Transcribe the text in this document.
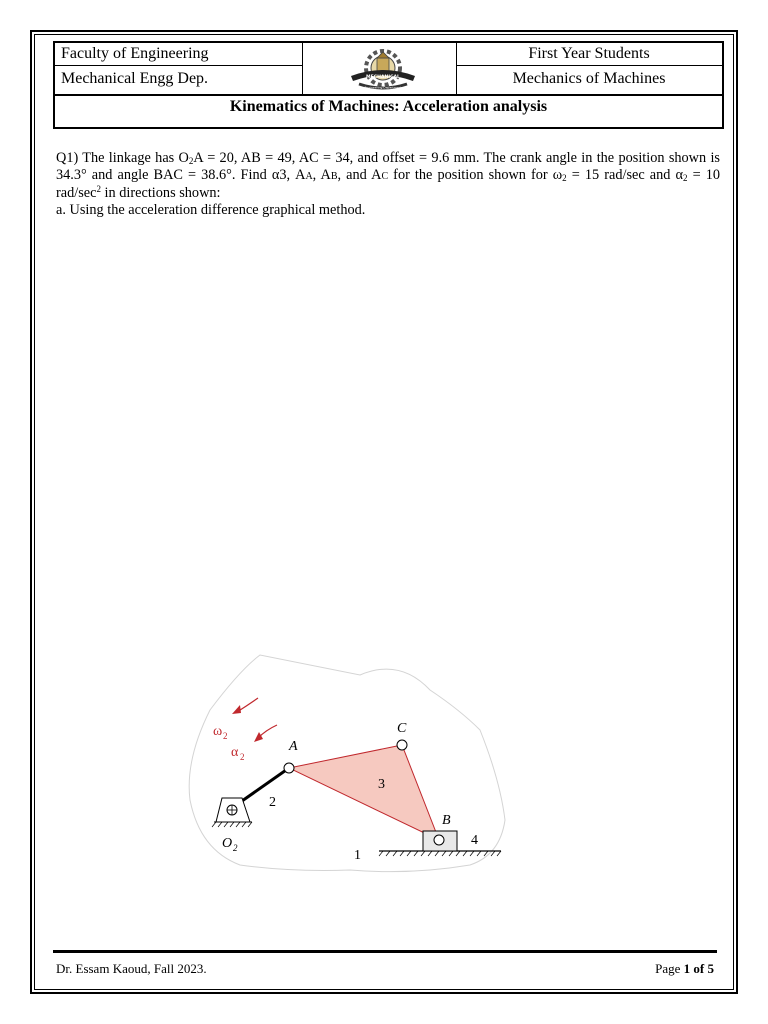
Faculty of Engineering
Mechanical Engg Dep.
First Year Students
Mechanics of Machines
MECHANICAL
Engineering Department
Kinematics of Machines: Acceleration analysis

Q1) The linkage has $O_2A = 20$, AB = 49, AC = 34, and offset = 9.6 mm. The crank angle in the position shown is 34.3° and angle BAC = 38.6°. Find α3, AA, AB, and AC for the position shown for $\omega_2 = 15$ rad/sec and $\alpha_2 = 10$ rad/$\sec^2$ in directions shown:

a. Using the acceleration difference graphical method.

ω 2
α 2
A
C
B
O 2
2
3
4
1
Dr. Essam Kaoud, Fall 2023.	Page 1 of 5
